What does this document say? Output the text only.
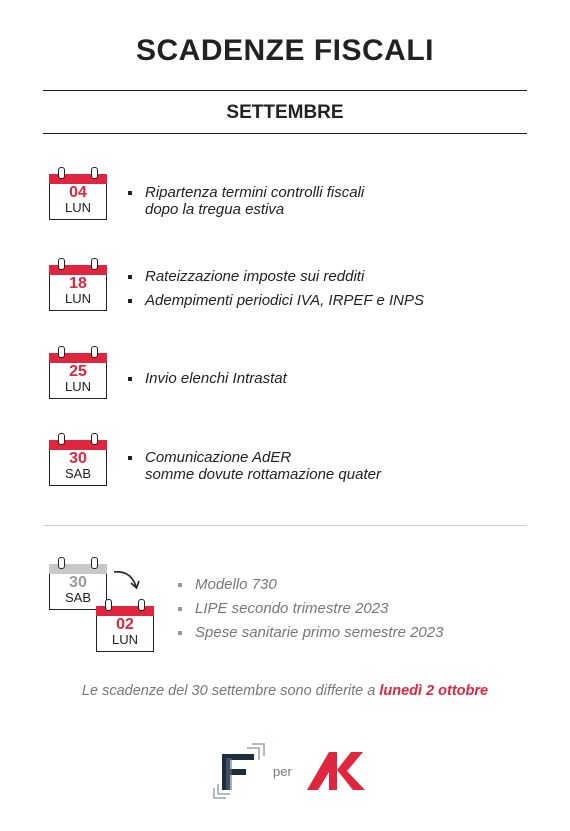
SCADENZE FISCALI
SETTEMBRE
04
LUN
Ripartenza termini controlli fiscali
dopo la tregua estiva
18
LUN
Rateizzazione imposte sui redditi
Adempimenti periodici IVA, IRPEF e INPS
25
LUN	Invio elenchi Intrastat
30
SAB
Comunicazione AdER
somme dovute rottamazione quater
30
SAB
02
LUN
Modello 730
LIPE secondo trimestre 2023
Spese sanitarie primo semestre 2023
Le scadenze del 30 settembre sono differite a lunedì 2 ottobre
per
